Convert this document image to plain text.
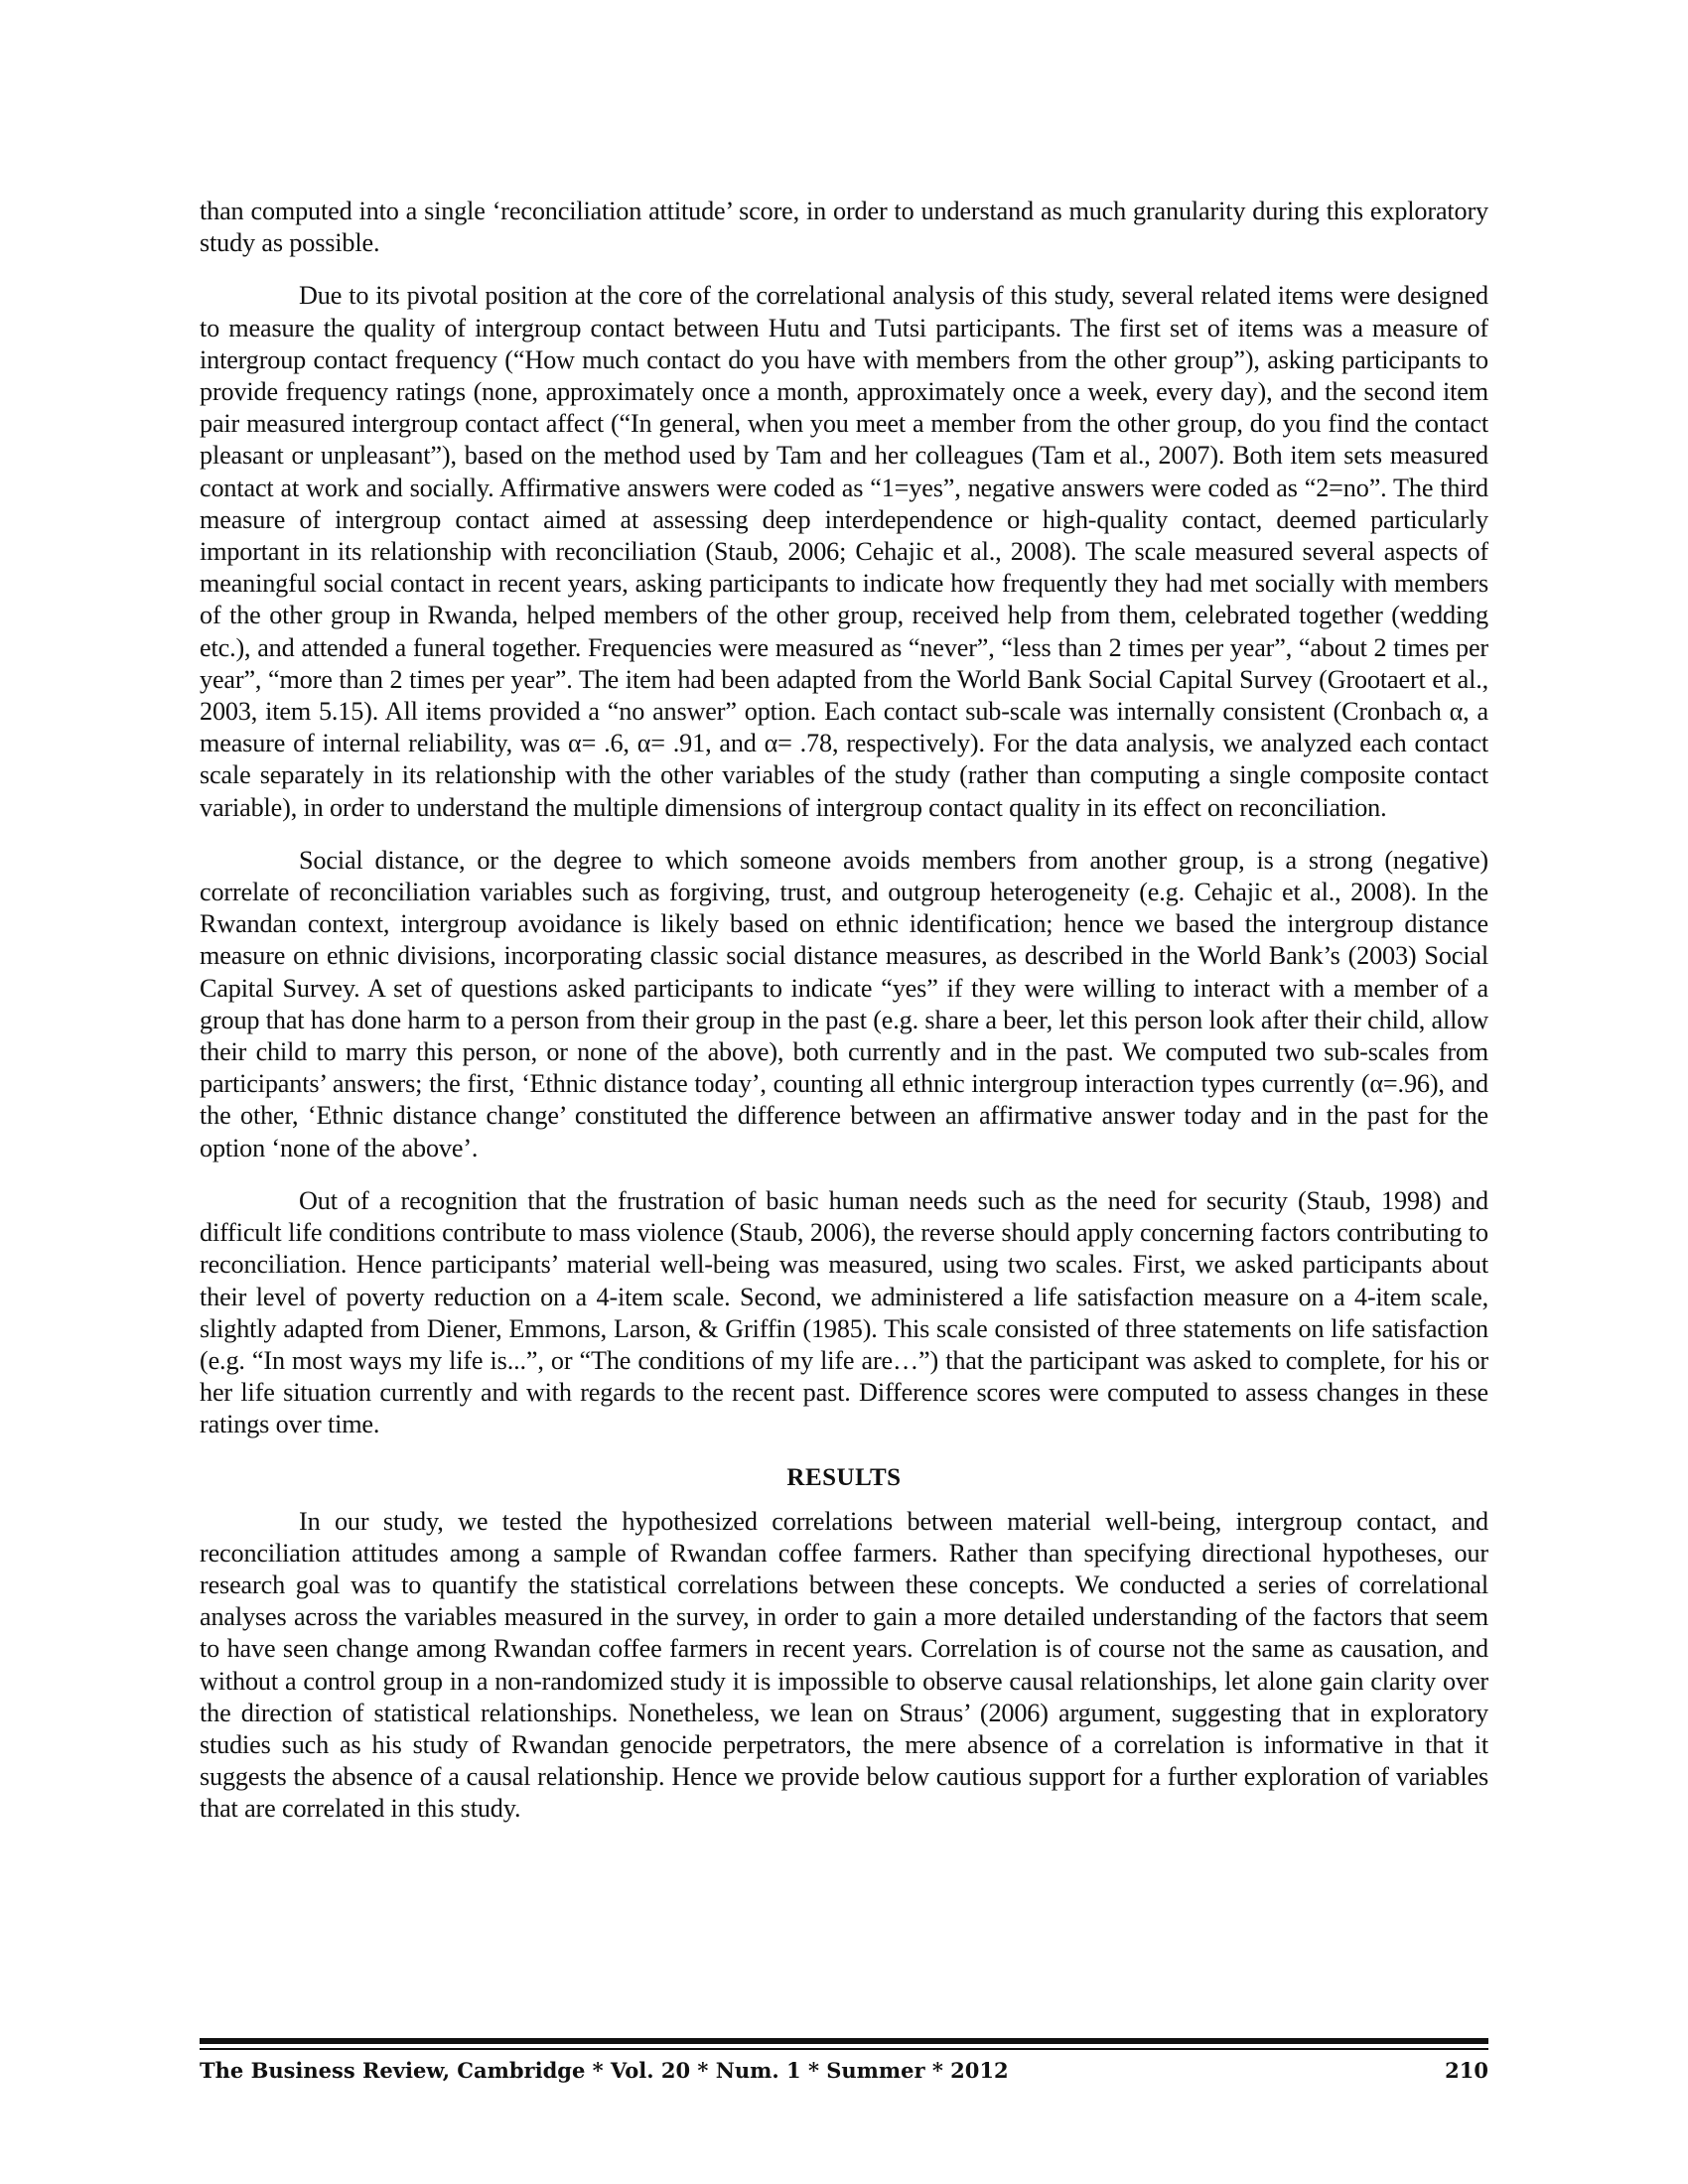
than computed into a single ‘reconciliation attitude’ score, in order to understand as much granularity during this exploratory study as possible.

Due to its pivotal position at the core of the correlational analysis of this study, several related items were designed to measure the quality of intergroup contact between Hutu and Tutsi participants. The first set of items was a measure of intergroup contact frequency (“How much contact do you have with members from the other group”), asking participants to provide frequency ratings (none, approximately once a month, approximately once a week, every day), and the second item pair measured intergroup contact affect (“In general, when you meet a member from the other group, do you find the contact pleasant or unpleasant”), based on the method used by Tam and her colleagues (Tam et al., 2007). Both item sets measured contact at work and socially. Affirmative answers were coded as “1=yes”, negative answers were coded as “2=no”. The third measure of intergroup contact aimed at assessing deep interdependence or high-quality contact, deemed particularly important in its relationship with reconciliation (Staub, 2006; Cehajic et al., 2008). The scale measured several aspects of meaningful social contact in recent years, asking participants to indicate how frequently they had met socially with members of the other group in Rwanda, helped members of the other group, received help from them, celebrated together (wedding etc.), and attended a funeral together. Frequencies were measured as “never”, “less than 2 times per year”, “about 2 times per year”, “more than 2 times per year”. The item had been adapted from the World Bank Social Capital Survey (Grootaert et al., 2003, item 5.15). All items provided a “no answer” option. Each contact sub-scale was internally consistent (Cronbach α, a measure of internal reliability, was α= .6, α= .91, and α= .78, respectively). For the data analysis, we analyzed each contact scale separately in its relationship with the other variables of the study (rather than computing a single composite contact variable), in order to understand the multiple dimensions of intergroup contact quality in its effect on reconciliation.

Social distance, or the degree to which someone avoids members from another group, is a strong (negative) correlate of reconciliation variables such as forgiving, trust, and outgroup heterogeneity (e.g. Cehajic et al., 2008). In the Rwandan context, intergroup avoidance is likely based on ethnic identification; hence we based the intergroup distance measure on ethnic divisions, incorporating classic social distance measures, as described in the World Bank’s (2003) Social Capital Survey. A set of questions asked participants to indicate “yes” if they were willing to interact with a member of a group that has done harm to a person from their group in the past (e.g. share a beer, let this person look after their child, allow their child to marry this person, or none of the above), both currently and in the past. We computed two sub-scales from participants’ answers; the first, ‘Ethnic distance today’, counting all ethnic intergroup interaction types currently (α=.96), and the other, ‘Ethnic distance change’ constituted the difference between an affirmative answer today and in the past for the option ‘none of the above’.

Out of a recognition that the frustration of basic human needs such as the need for security (Staub, 1998) and difficult life conditions contribute to mass violence (Staub, 2006), the reverse should apply concerning factors contributing to reconciliation. Hence participants’ material well-being was measured, using two scales. First, we asked participants about their level of poverty reduction on a 4-item scale. Second, we administered a life satisfaction measure on a 4-item scale, slightly adapted from Diener, Emmons, Larson, & Griffin (1985). This scale consisted of three statements on life satisfaction (e.g. “In most ways my life is...”, or “The conditions of my life are…”) that the participant was asked to complete, for his or her life situation currently and with regards to the recent past. Difference scores were computed to assess changes in these ratings over time.

RESULTS

In our study, we tested the hypothesized correlations between material well-being, intergroup contact, and reconciliation attitudes among a sample of Rwandan coffee farmers. Rather than specifying directional hypotheses, our research goal was to quantify the statistical correlations between these concepts. We conducted a series of correlational analyses across the variables measured in the survey, in order to gain a more detailed understanding of the factors that seem to have seen change among Rwandan coffee farmers in recent years. Correlation is of course not the same as causation, and without a control group in a non-randomized study it is impossible to observe causal relationships, let alone gain clarity over the direction of statistical relationships. Nonetheless, we lean on Straus’ (2006) argument, suggesting that in exploratory studies such as his study of Rwandan genocide perpetrators, the mere absence of a correlation is informative in that it suggests the absence of a causal relationship. Hence we provide below cautious support for a further exploration of variables that are correlated in this study.

The Business Review, Cambridge * Vol. 20 * Num. 1 * Summer * 2012	210
